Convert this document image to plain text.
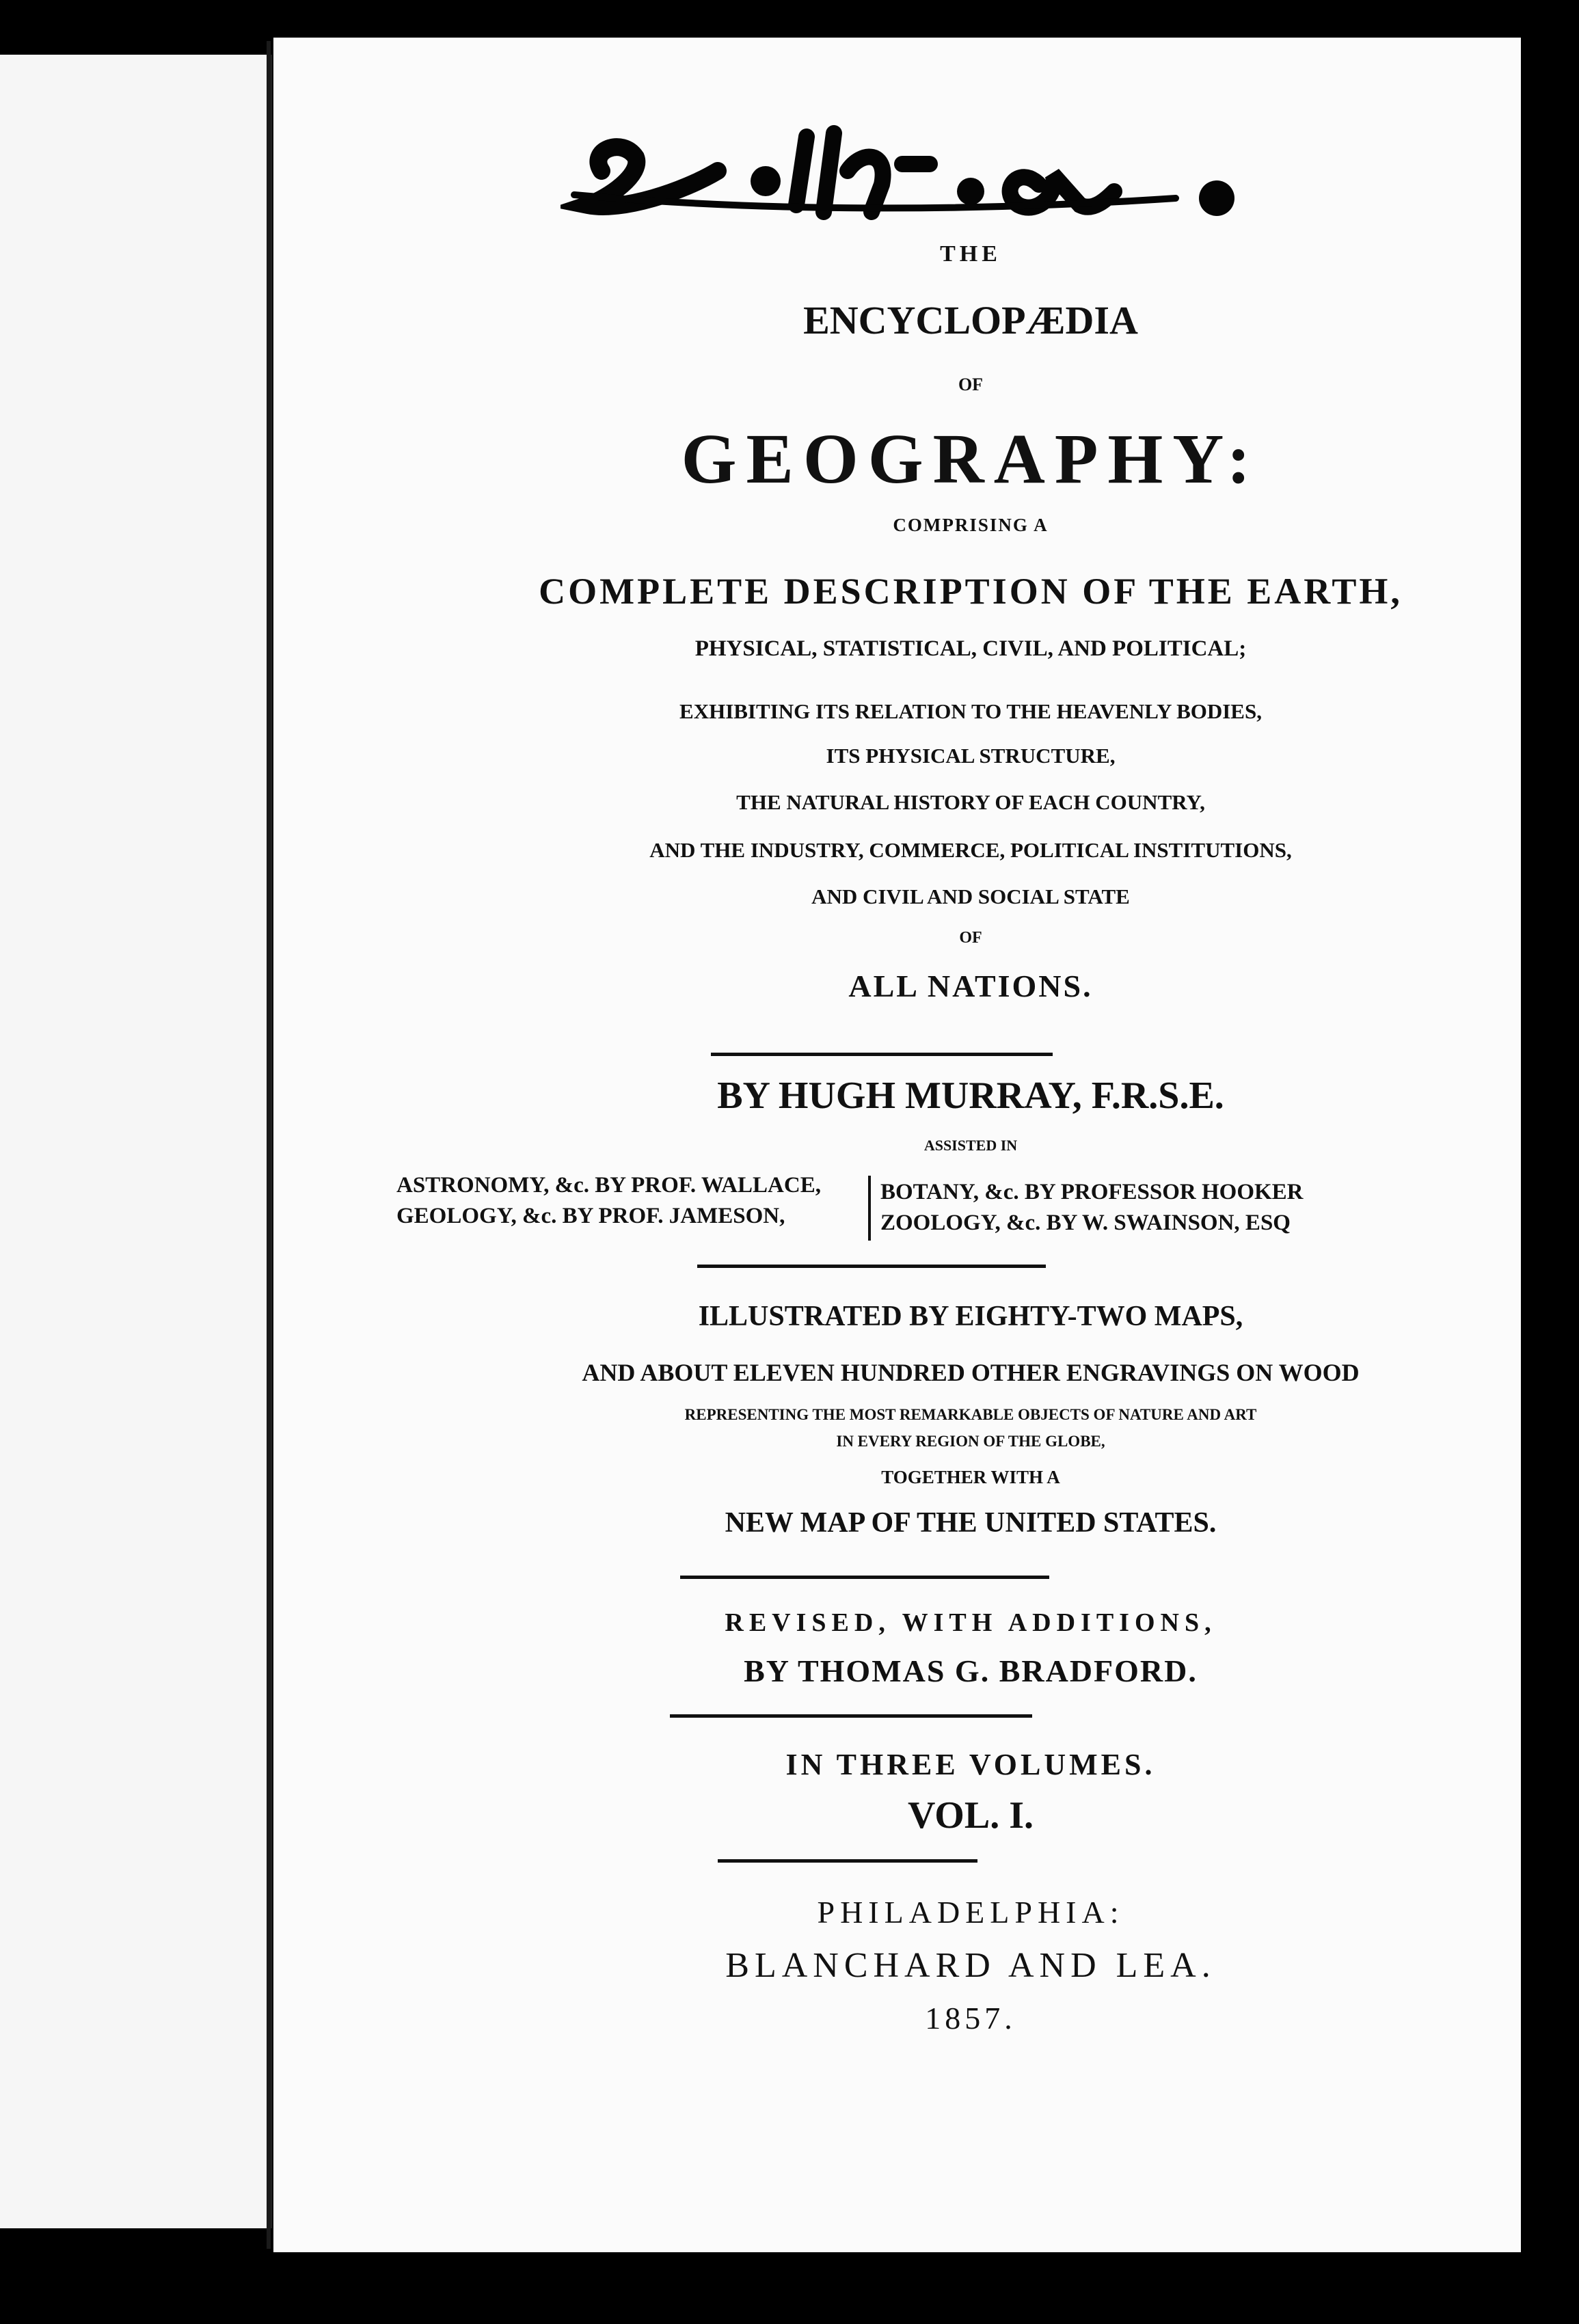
THE
ENCYCLOPÆDIA
OF
GEOGRAPHY:
COMPRISING A
COMPLETE DESCRIPTION OF THE EARTH,
PHYSICAL, STATISTICAL, CIVIL, AND POLITICAL;
EXHIBITING ITS RELATION TO THE HEAVENLY BODIES,
ITS PHYSICAL STRUCTURE,
THE NATURAL HISTORY OF EACH COUNTRY,
AND THE INDUSTRY, COMMERCE, POLITICAL INSTITUTIONS,
AND CIVIL AND SOCIAL STATE
OF
ALL NATIONS.
BY HUGH MURRAY, F.R.S.E.
ASSISTED IN
ASTRONOMY, &c. BY PROF. WALLACE,
GEOLOGY, &c. BY PROF. JAMESON,
BOTANY, &c. BY PROFESSOR HOOKER
ZOOLOGY, &c. BY W. SWAINSON, ESQ
ILLUSTRATED BY EIGHTY-TWO MAPS,
AND ABOUT ELEVEN HUNDRED OTHER ENGRAVINGS ON WOOD
REPRESENTING THE MOST REMARKABLE OBJECTS OF NATURE AND ART
IN EVERY REGION OF THE GLOBE,
TOGETHER WITH A
NEW MAP OF THE UNITED STATES.
REVISED, WITH ADDITIONS,
BY THOMAS G. BRADFORD.
IN THREE VOLUMES.
VOL. I.
PHILADELPHIA:
BLANCHARD AND LEA.
1857.
